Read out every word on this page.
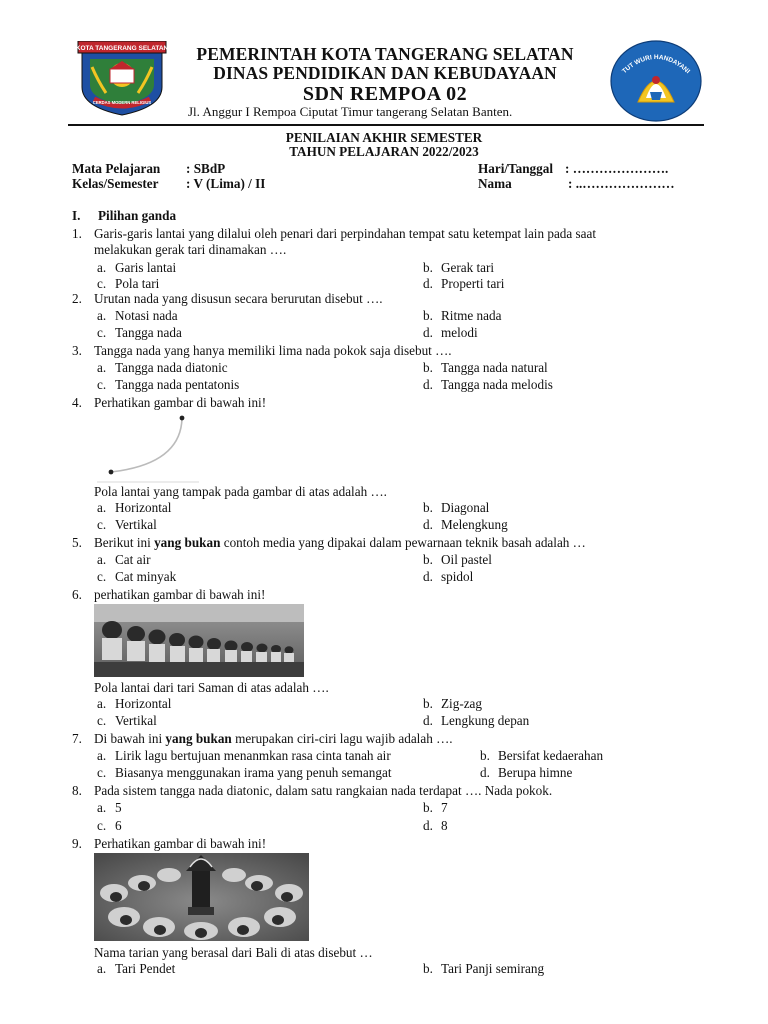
KOTA TANGERANG SELATAN
CERDAS MODERN RELIGIUS
PEMERINTAH KOTA TANGERANG SELATAN
DINAS PENDIDIKAN DAN KEBUDAYAAN
SDN REMPOA 02
Jl. Anggur I Rempoa Ciputat Timur tangerang Selatan Banten.
TUT WURI HANDAYANI
PENILAIAN AKHIR SEMESTER
TAHUN PELAJARAN 2022/2023
Mata Pelajaran : SBdP
Kelas/Semester : V (Lima) / II
Hari/Tanggal : ………………….
Nama	: ..…………………
I. Pilihan ganda
1. Garis-garis lantai yang dilalui oleh penari dari perpindahan tempat satu ketempat lain pada saat
melakukan gerak tari dinamakan ….
a. Garis lantai	b. Gerak tari
c. Pola tari	d. Properti tari
2. Urutan nada yang disusun secara berurutan disebut ….
a. Notasi nada	b. Ritme nada
c. Tangga nada	d. melodi
3. Tangga nada yang hanya memiliki lima nada pokok saja disebut ….
a. Tangga nada diatonic	b. Tangga nada natural
c. Tangga nada pentatonis	d. Tangga nada melodis
4. Perhatikan gambar di bawah ini!
Pola lantai yang tampak pada gambar di atas adalah ….
a. Horizontal	b. Diagonal
c. Vertikal	d. Melengkung
5. Berikut ini yang bukan contoh media yang dipakai dalam pewarnaan teknik basah adalah …
a. Cat air	b. Oil pastel
c. Cat minyak	d. spidol
6. perhatikan gambar di bawah ini!
Pola lantai dari tari Saman di atas adalah ….
a. Horizontal	b. Zig-zag
c. Vertikal	d. Lengkung depan
7. Di bawah ini yang bukan merupakan ciri-ciri lagu wajib adalah ….
a. Lirik lagu bertujuan menanmkan rasa cinta tanah air	b. Bersifat kedaerahan
c. Biasanya menggunakan irama yang penuh semangat	d. Berupa himne
8. Pada sistem tangga nada diatonic, dalam satu rangkaian nada terdapat …. Nada pokok.
a. 5	b. 7
c. 6	d. 8
9. Perhatikan gambar di bawah ini!
Nama tarian yang berasal dari Bali di atas disebut …
a. Tari Pendet	b. Tari Panji semirang
